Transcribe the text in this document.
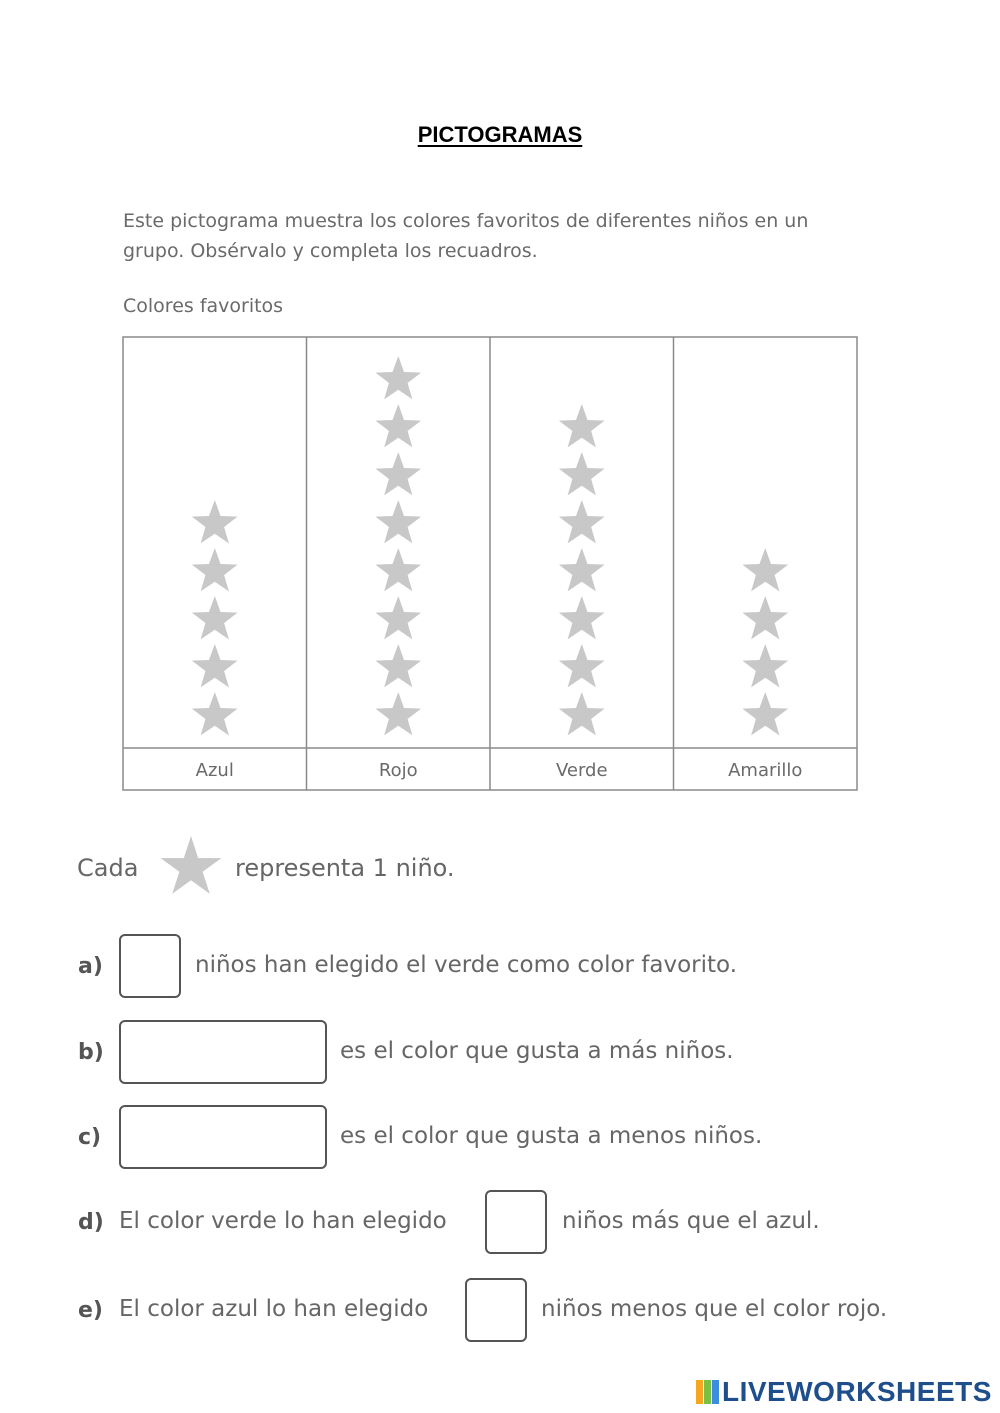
PICTOGRAMAS
Este pictograma muestra los colores favoritos de diferentes niños en un grupo. Obsérvalo y completa los recuadros.
Colores favoritos
Azul	Rojo	Verde	Amarillo
Cada	representa 1 niño.
a)	niños han elegido el verde como color favorito.
b)	es el color que gusta a más niños.
c)	es el color que gusta a menos niños.
d) El color verde lo han elegido	niños más que el azul.
e) El color azul lo han elegido	niños menos que el color rojo.
LIVEWORKSHEETS
